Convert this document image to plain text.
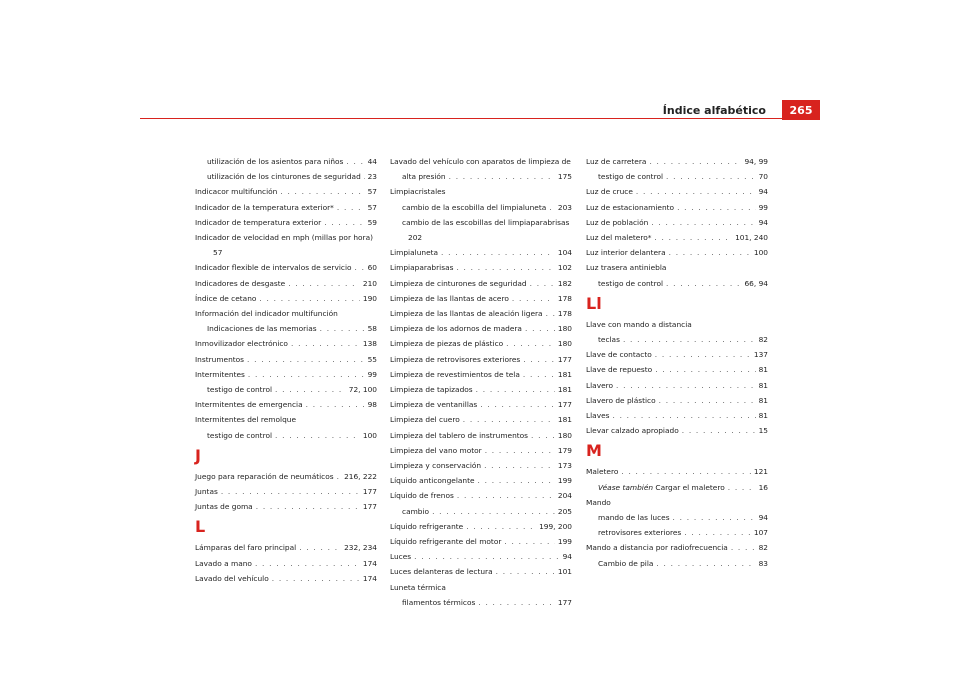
Índice alfabético	265
utilización de los asientos para niños . . .	44
utilización de los cinturones de seguridad . . . 23
Indicacor multifunción . . .	57
Indicador de la temperatura exterior* . . .	57
Indicador de temperatura exterior . . .	59
Indicador de velocidad en mph (millas por hora)
57
Indicador flexible de intervalos de servicio . . . 60
Indicadores de desgaste . . .	210
Índice de cetano . . .	190
Información del indicador multifunción
Indicaciones de las memorias . . .	58
Inmovilizador electrónico . . .	138
Instrumentos . . .	55
Intermitentes . . .	99
testigo de control . . .	72, 100
Intermitentes de emergencia . . .	98
Intermitentes del remolque
testigo de control . . .	100
J
Juego para reparación de neumáticos . . . 216, 222
Juntas . . .	177
Juntas de goma . . .	177
L
Lámparas del faro principal . . .	232, 234
Lavado a mano . . .	174
Lavado del vehículo . . .	174
Lavado del vehículo con aparatos de limpieza de
alta presión . . .	175
Limpiacristales
cambio de la escobilla del limpialuneta . . . 203
cambio de las escobillas del limpiaparabrisas
202
Limpialuneta . . .	104
Limpiaparabrisas . . .	102
Limpieza de cinturones de seguridad . . .	182
Limpieza de las llantas de acero . . .	178
Limpieza de las llantas de aleación ligera . . . 178
Limpieza de los adornos de madera . . .	180
Limpieza de piezas de plástico . . .	180
Limpieza de retrovisores exteriores . . .	177
Limpieza de revestimientos de tela . . .	181
Limpieza de tapizados . . .	181
Limpieza de ventanillas . . .	177
Limpieza del cuero . . .	181
Limpieza del tablero de instrumentos . . .	180
Limpieza del vano motor . . .	179
Limpieza y conservación . . .	173
Líquido anticongelante . . .	199
Líquido de frenos . . .	204
cambio . . .	205
Líquido refrigerante . . .	199, 200
Líquido refrigerante del motor . . .	199
Luces . . .	94
Luces delanteras de lectura . . .	101
Luneta térmica
filamentos térmicos . . .	177
Luz de carretera . . .	94, 99
testigo de control . . .	70
Luz de cruce . . .	94
Luz de estacionamiento . . .	99
Luz de población . . .	94
Luz del maletero* . . .	101, 240
Luz interior delantera . . .	100
Luz trasera antiniebla
testigo de control . . .	66, 94
Ll
Llave con mando a distancia
teclas . . .	82
Llave de contacto . . .	137
Llave de repuesto . . .	81
Llavero . . .	81
Llavero de plástico . . .	81
Llaves . . .	81
Llevar calzado apropiado . . .	15
M
Maletero . . .	121
Véase también
Cargar el maletero . . .	16
Mando
mando de las luces . . .	94
retrovisores exteriores . . .	107
Mando a distancia por radiofrecuencia . . .	82
Cambio de pila . . .	83
